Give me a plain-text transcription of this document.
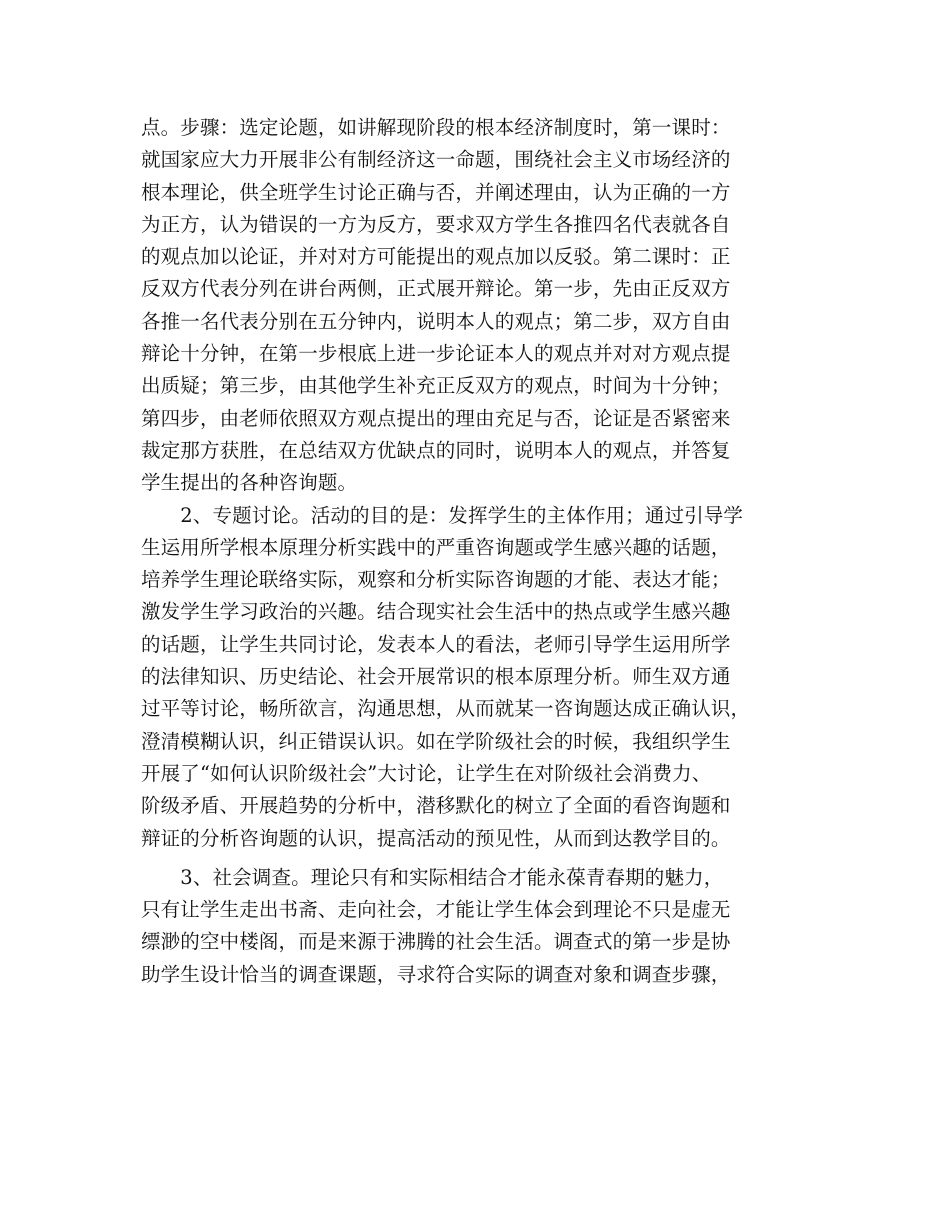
点。步骤：选定论题，如讲解现阶段的根本经济制度时，第一课时：
就国家应大力开展非公有制经济这一命题，围绕社会主义市场经济的
根本理论，供全班学生讨论正确与否，并阐述理由，认为正确的一方
为正方，认为错误的一方为反方，要求双方学生各推四名代表就各自
的观点加以论证，并对对方可能提出的观点加以反驳。第二课时：正
反双方代表分列在讲台两侧，正式展开辩论。第一步，先由正反双方
各推一名代表分别在五分钟内，说明本人的观点；第二步，双方自由
辩论十分钟，在第一步根底上进一步论证本人的观点并对对方观点提
出质疑；第三步，由其他学生补充正反双方的观点，时间为十分钟；
第四步，由老师依照双方观点提出的理由充足与否，论证是否紧密来
裁定那方获胜，在总结双方优缺点的同时，说明本人的观点，并答复
学生提出的各种咨询题。
　　2、专题讨论。活动的目的是：发挥学生的主体作用；通过引导学
生运用所学根本原理分析实践中的严重咨询题或学生感兴趣的话题，
培养学生理论联络实际，观察和分析实际咨询题的才能、表达才能；
激发学生学习政治的兴趣。结合现实社会生活中的热点或学生感兴趣
的话题，让学生共同讨论，发表本人的看法，老师引导学生运用所学
的法律知识、历史结论、社会开展常识的根本原理分析。师生双方通
过平等讨论，畅所欲言，沟通思想，从而就某一咨询题达成正确认识，
澄清模糊认识，纠正错误认识。如在学阶级社会的时候，我组织学生
开展了“如何认识阶级社会”大讨论，让学生在对阶级社会消费力、
阶级矛盾、开展趋势的分析中，潜移默化的树立了全面的看咨询题和
辩证的分析咨询题的认识，提高活动的预见性，从而到达教学目的。
　　3、社会调查。理论只有和实际相结合才能永葆青春期的魅力，
只有让学生走出书斋、走向社会，才能让学生体会到理论不只是虚无
缥渺的空中楼阁，而是来源于沸腾的社会生活。调查式的第一步是协
助学生设计恰当的调查课题，寻求符合实际的调查对象和调查步骤，
